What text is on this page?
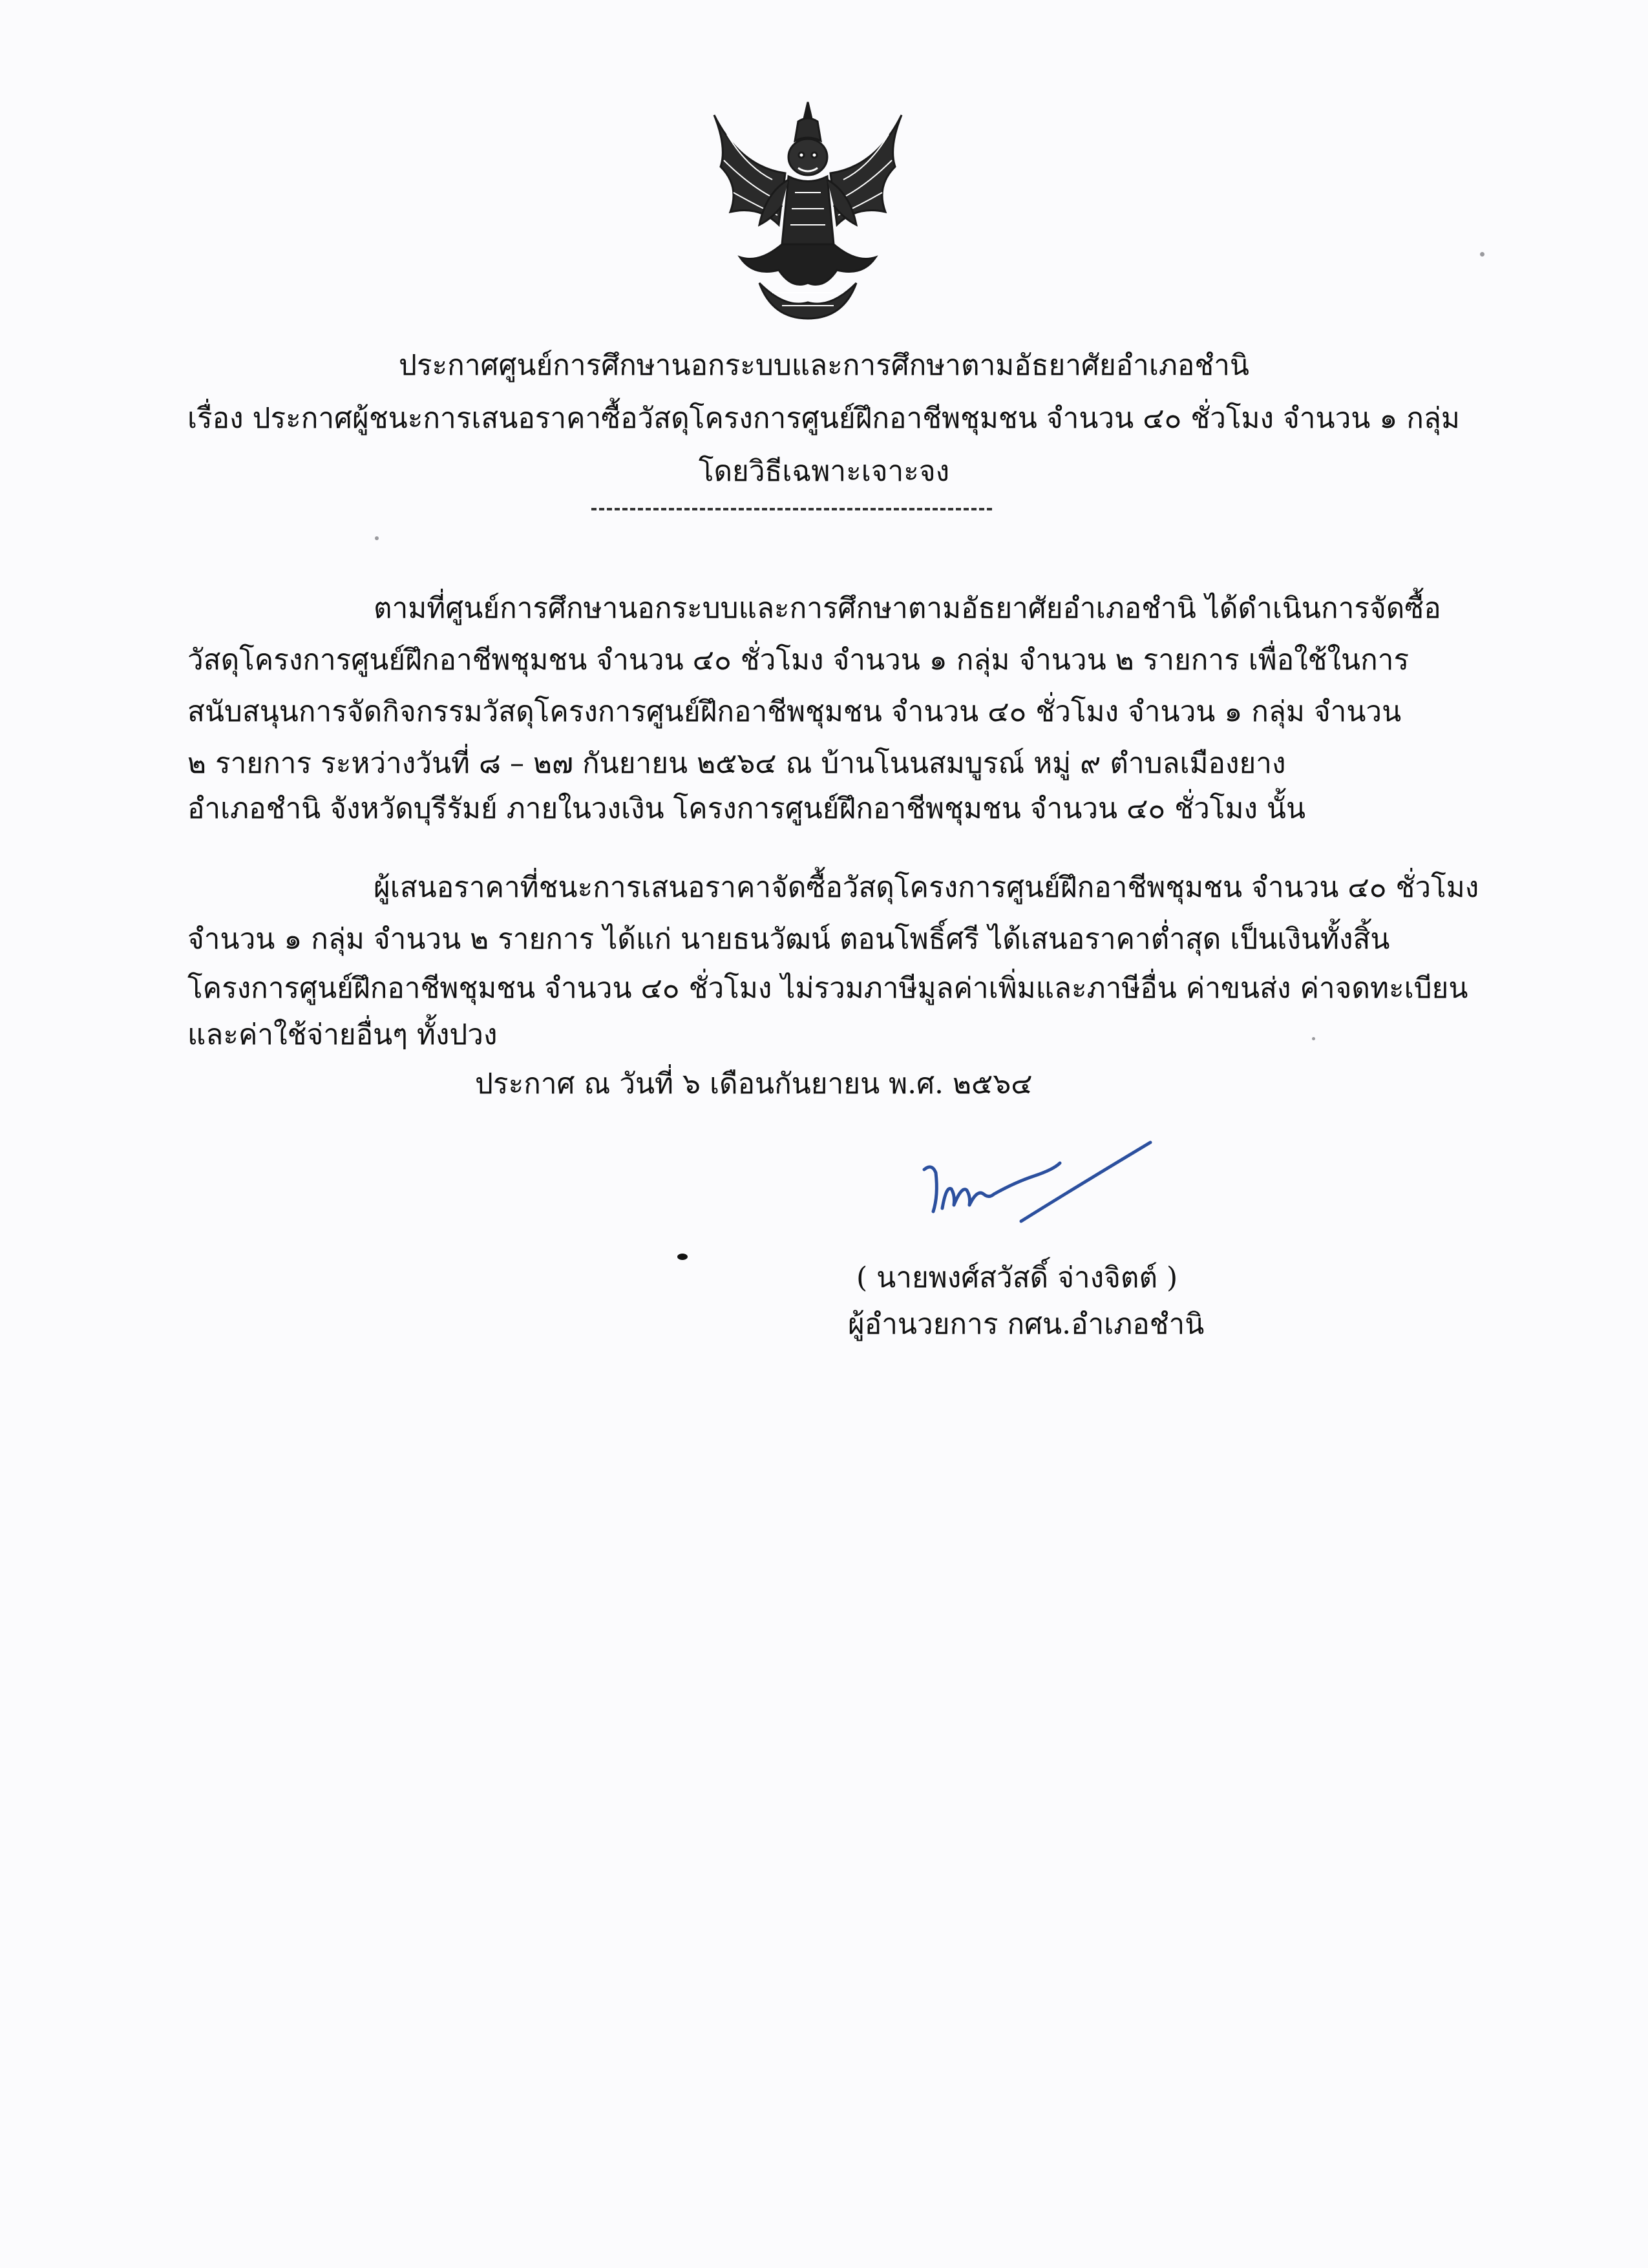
ประกาศศูนย์การศึกษานอกระบบและการศึกษาตามอัธยาศัยอำเภอชำนิ
เรื่อง ประกาศผู้ชนะการเสนอราคาซื้อวัสดุโครงการศูนย์ฝึกอาชีพชุมชน จำนวน ๔๐ ชั่วโมง จำนวน ๑ กลุ่ม
โดยวิธีเฉพาะเจาะจง
ตามที่ศูนย์การศึกษานอกระบบและการศึกษาตามอัธยาศัยอำเภอชำนิ ได้ดำเนินการจัดซื้อ
วัสดุโครงการศูนย์ฝึกอาชีพชุมชน จำนวน ๔๐ ชั่วโมง จำนวน ๑ กลุ่ม จำนวน ๒ รายการ เพื่อใช้ในการ
สนับสนุนการจัดกิจกรรมวัสดุโครงการศูนย์ฝึกอาชีพชุมชน จำนวน ๔๐ ชั่วโมง จำนวน ๑ กลุ่ม จำนวน
๒ รายการ ระหว่างวันที่ ๘ – ๒๗ กันยายน ๒๕๖๔ ณ บ้านโนนสมบูรณ์ หมู่ ๙ ตำบลเมืองยาง
อำเภอชำนิ จังหวัดบุรีรัมย์ ภายในวงเงิน โครงการศูนย์ฝึกอาชีพชุมชน จำนวน ๔๐ ชั่วโมง นั้น
ผู้เสนอราคาที่ชนะการเสนอราคาจัดซื้อวัสดุโครงการศูนย์ฝึกอาชีพชุมชน จำนวน ๔๐ ชั่วโมง
จำนวน ๑ กลุ่ม จำนวน ๒ รายการ ได้แก่ นายธนวัฒน์ ตอนโพธิ์ศรี ได้เสนอราคาต่ำสุด เป็นเงินทั้งสิ้น
โครงการศูนย์ฝึกอาชีพชุมชน จำนวน ๔๐ ชั่วโมง ไม่รวมภาษีมูลค่าเพิ่มและภาษีอื่น ค่าขนส่ง ค่าจดทะเบียน
และค่าใช้จ่ายอื่นๆ ทั้งปวง
ประกาศ ณ วันที่ ๖ เดือนกันยายน พ.ศ. ๒๕๖๔
( นายพงศ์สวัสดิ์ จ่างจิตต์ )
ผู้อำนวยการ กศน.อำเภอชำนิ
